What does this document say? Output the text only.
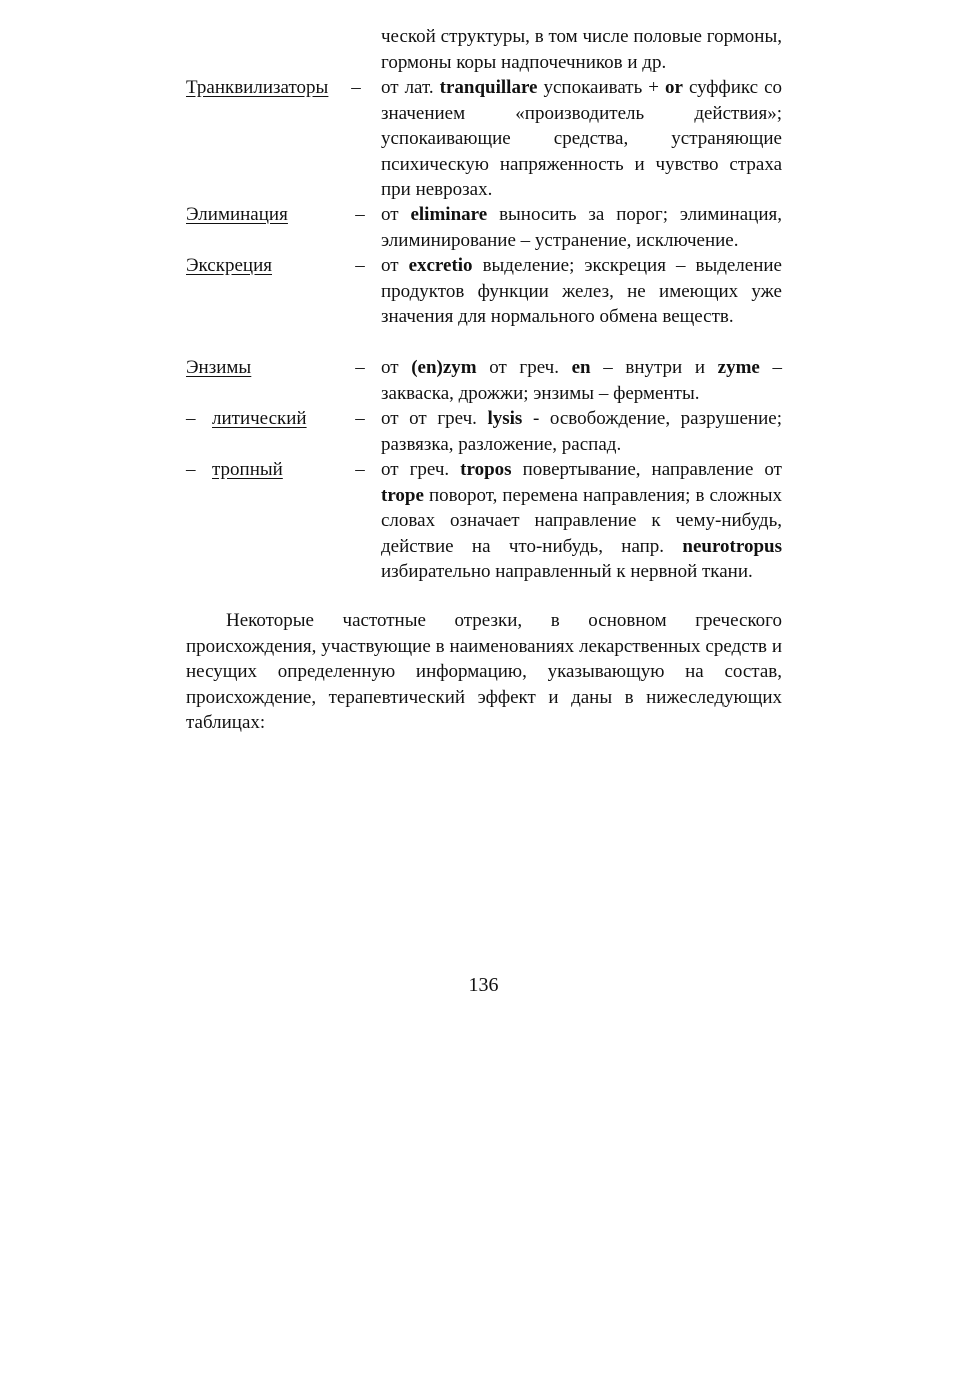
ческой структуры, в том числе половые гормоны, гормоны коры надпочечников и др.
Транквилизаторы	– от лат. tranquillare успокаивать + or суффикс со значением «производитель действия»; успокаивающие средства, устраняющие психическую напряженность и чувство страха при неврозах.
Элиминация	– от eliminare выносить за порог; элиминация, элиминирование – устранение, исключение.
Экскреция	– от excretio выделение; экскреция – выделение продуктов функции желез, не имеющих уже значения для нормального обмена веществ.
Энзимы	– от (en)zym от греч. en – внутри и zyme – закваска, дрожжи; энзимы – ферменты.
– литический	– от от греч. lysis - освобождение, разрушение; развязка, разложение, распад.
– тропный	– от греч. tropos повертывание, направление от trope поворот, перемена направления; в сложных словах означает направление к чему-нибудь, действие на что-нибудь, напр. neurotropus избирательно направленный к нервной ткани.

Некоторые частотные отрезки, в основном греческого происхождения, участвующие в наименованиях лекарственных средств и несущих определенную информацию, указывающую на состав, происхождение, терапевтический эффект и даны в нижеследующих таблицах:

136
